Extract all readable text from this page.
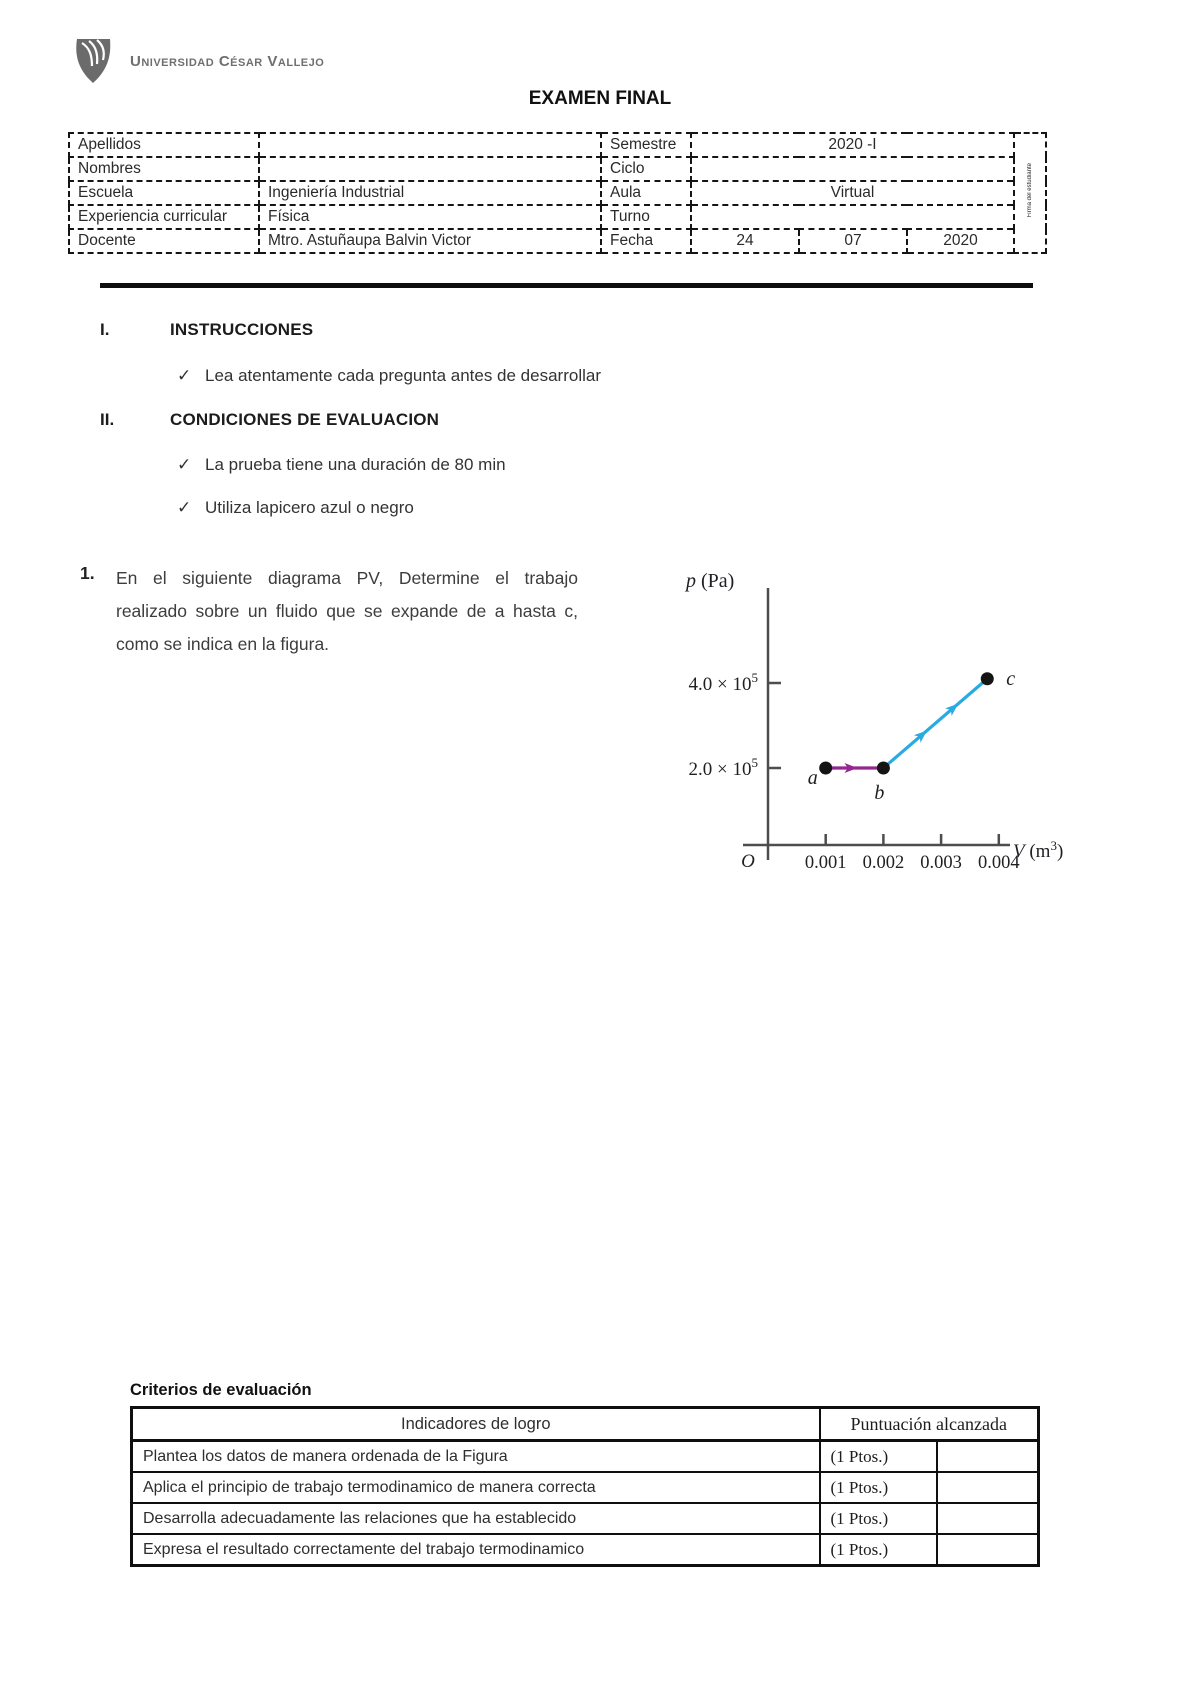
Universidad César Vallejo
EXAMEN FINAL
Apellidos		Semestre	2020 -I			Firma del estudiante
Nombres		Ciclo				
Escuela	Ingeniería Industrial	Aula	Virtual			
Experiencia curricular	Física	Turno				
Docente	Mtro. Astuñaupa Balvin Victor	Fecha	24	07	2020	
I.	INSTRUCCIONES
✓ Lea atentamente cada pregunta antes de desarrollar
II.	CONDICIONES DE EVALUACION
✓ La prueba tiene una duración de 80 min
✓ Utiliza lapicero azul o negro
1. En el siguiente diagrama PV, Determine el trabajo realizado sobre un fluido que se expande de a hasta c, como se indica en la figura.
$2.0 \times 10^5$
$4.0 \times 10^5$
0.001 0.002 0.003 0.004
O
p (Pa)
V $(m^3)$
a
b
c
Criterios de evaluación
Indicadores de logro	Puntuación alcanzada	
Plantea los datos de manera ordenada de la Figura	(1 Ptos.)	
Aplica el principio de trabajo termodinamico de manera correcta	(1 Ptos.)	
Desarrolla adecuadamente las relaciones que ha establecido	(1 Ptos.)	
Expresa el resultado correctamente del trabajo termodinamico	(1 Ptos.)	
